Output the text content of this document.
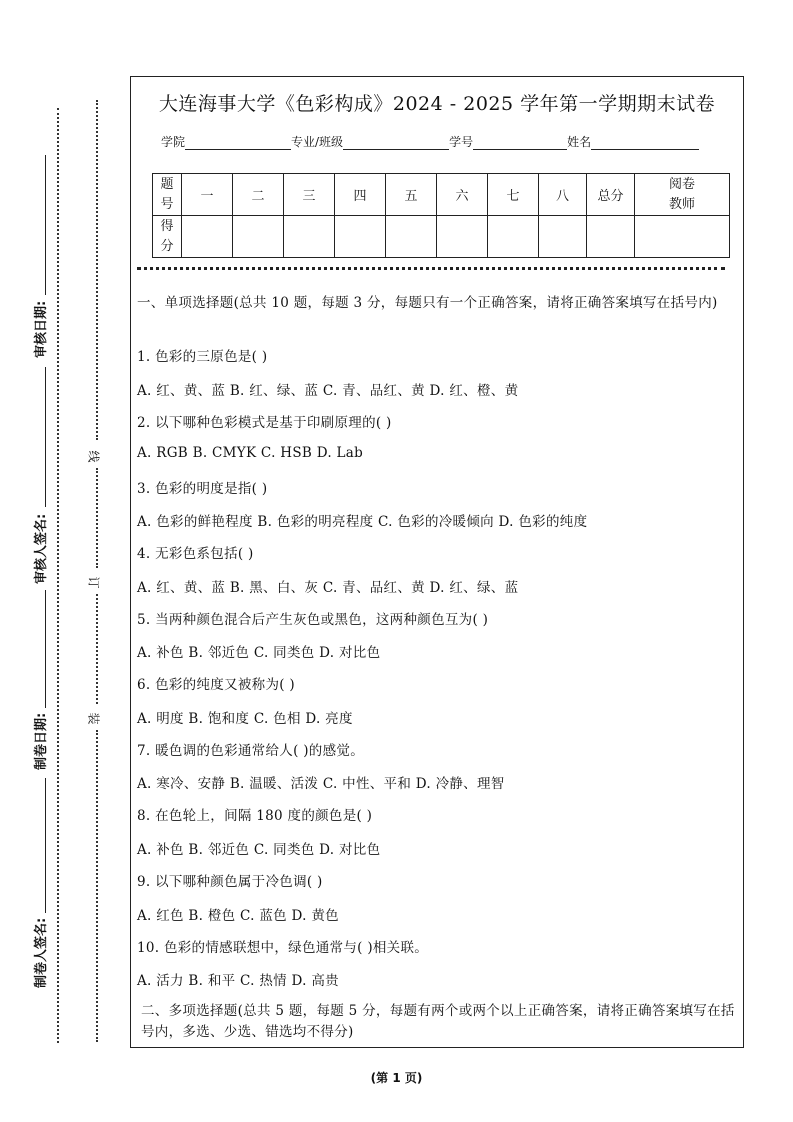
审核日期:
审核人签名:
制卷日期:
制卷人签名:
线
订
装
大连海事大学《色彩构成》2024 - 2025 学年第一学期期末试卷
学院	专业/班级	学号	姓名
题
号	一	二	三	四	五	六	七	八	总分	阅卷
教师

得
分										

一、单项选择题(总共 10 题，每题 3 分，每题只有一个正确答案，请将正确答案填写在括号内)
1. 色彩的三原色是( )
A. 红、黄、蓝 B. 红、绿、蓝 C. 青、品红、黄 D. 红、橙、黄
2. 以下哪种色彩模式是基于印刷原理的( )
A. RGB B. CMYK C. HSB D. Lab
3. 色彩的明度是指( )
A. 色彩的鲜艳程度 B. 色彩的明亮程度 C. 色彩的冷暖倾向 D. 色彩的纯度
4. 无彩色系包括( )
A. 红、黄、蓝 B. 黑、白、灰 C. 青、品红、黄 D. 红、绿、蓝
5. 当两种颜色混合后产生灰色或黑色，这两种颜色互为( )
A. 补色 B. 邻近色 C. 同类色 D. 对比色
6. 色彩的纯度又被称为( )
A. 明度 B. 饱和度 C. 色相 D. 亮度
7. 暖色调的色彩通常给人( )的感觉。
A. 寒冷、安静 B. 温暖、活泼 C. 中性、平和 D. 冷静、理智
8. 在色轮上，间隔 180 度的颜色是( )
A. 补色 B. 邻近色 C. 同类色 D. 对比色
9. 以下哪种颜色属于冷色调( )
A. 红色 B. 橙色 C. 蓝色 D. 黄色
10. 色彩的情感联想中，绿色通常与( )相关联。
A. 活力 B. 和平 C. 热情 D. 高贵
二、多项选择题(总共 5 题，每题 5 分，每题有两个或两个以上正确答案，请将正确答案填写在括号内，多选、少选、错选均不得分)
(第 1 页)
